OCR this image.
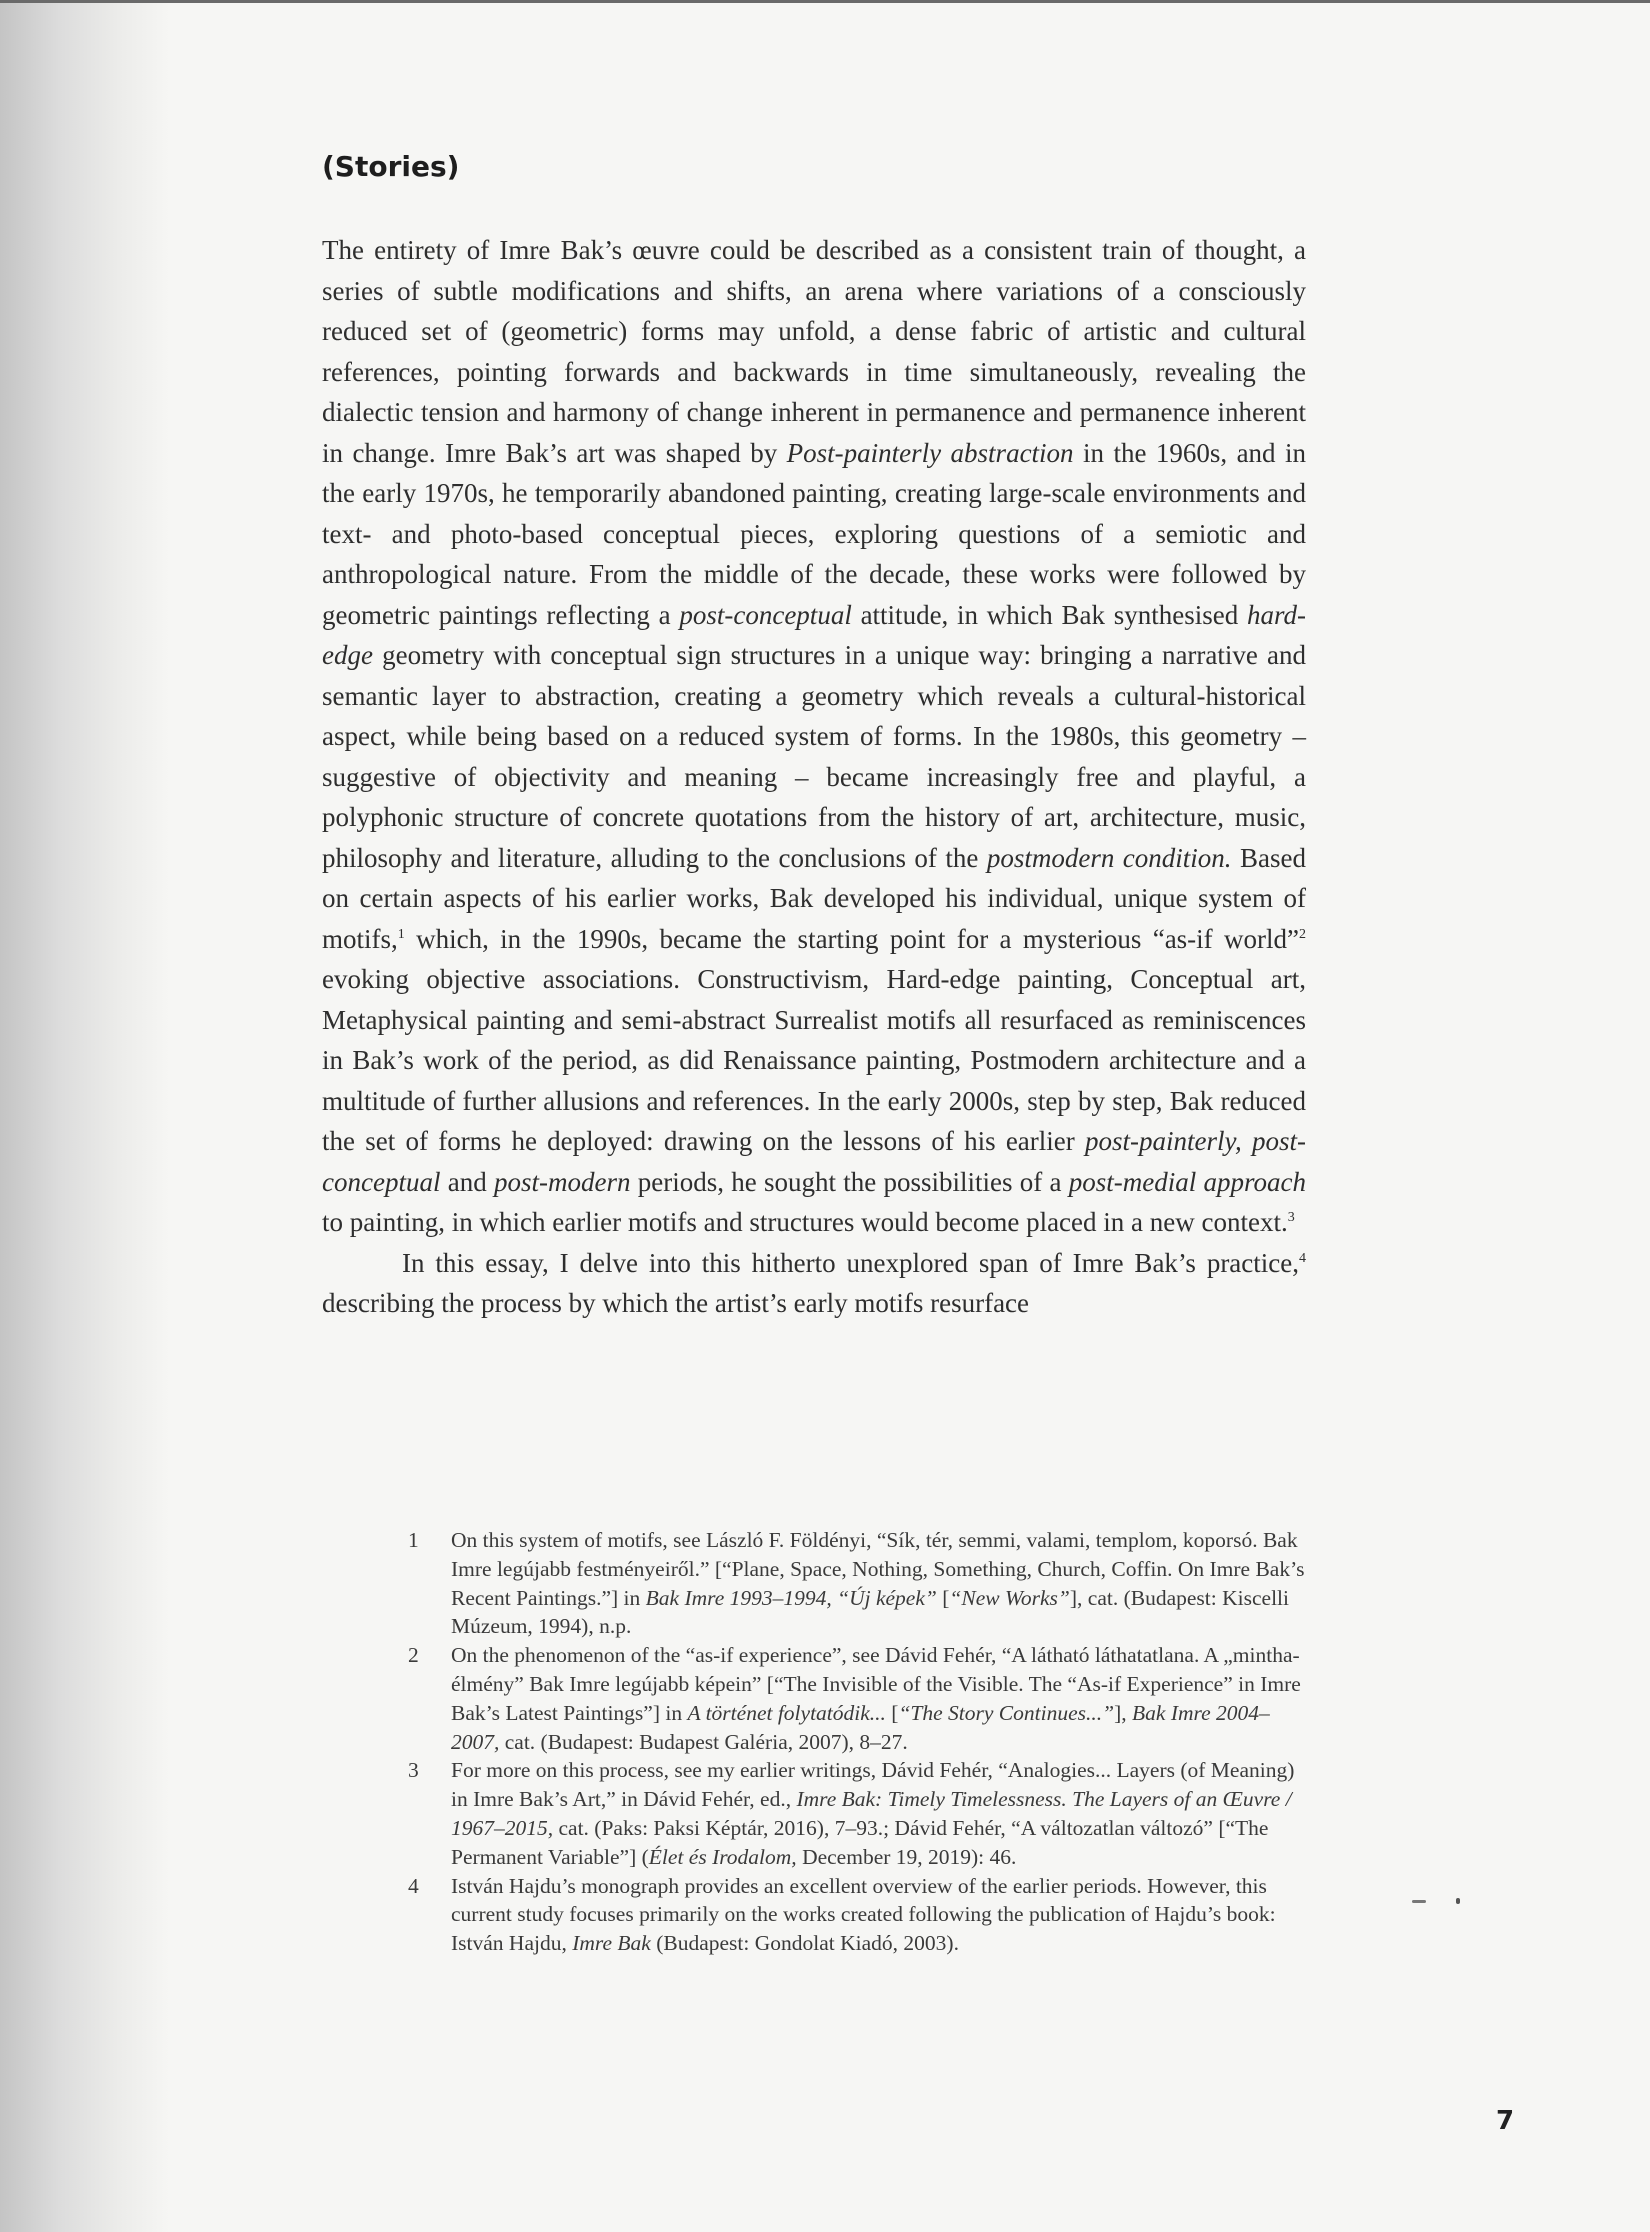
(Stories)

The entirety of Imre Bak’s œuvre could be described as a consistent train of thought, a series of subtle modifications and shifts, an arena where variations of a consciously reduced set of (geometric) forms may unfold, a dense fabric of artistic and cultural references, pointing forwards and backwards in time simultaneously, revealing the dialectic tension and harmony of change inherent in permanence and permanence inherent in change. Imre Bak’s art was shaped by Post-painterly abstraction in the 1960s, and in the early 1970s, he temporarily abandoned painting, creating large-scale environments and text- and photo-based conceptual pieces, exploring questions of a semiotic and anthropological nature. From the middle of the decade, these works were followed by geometric paintings reflecting a post-conceptual attitude, in which Bak synthesised hard-edge geometry with conceptual sign structures in a unique way: bringing a narrative and semantic layer to abstraction, creating a geometry which reveals a cultural-historical aspect, while being based on a reduced system of forms. In the 1980s, this geometry – suggestive of objectivity and meaning – became increasingly free and playful, a polyphonic structure of concrete quotations from the history of art, architecture, music, philosophy and literature, alluding to the conclusions of the postmodern condition. Based on certain aspects of his earlier works, Bak developed his individual, unique system of motifs,$^1$ which, in the 1990s, became the starting point for a mysterious “as-if world”$^2$ evoking objective associations. Constructivism, Hard-edge painting, Conceptual art, Metaphysical painting and semi-abstract Surrealist motifs all resurfaced as reminiscences in Bak’s work of the period, as did Renaissance painting, Postmodern architecture and a multitude of further allusions and references. In the early 2000s, step by step, Bak reduced the set of forms he deployed: drawing on the lessons of his earlier post-painterly, post-conceptual and post-modern periods, he sought the possibilities of a post-medial approach to painting, in which earlier motifs and structures would become placed in a new context.$^3$

In this essay, I delve into this hitherto unexplored span of Imre Bak’s practice,$^4$ describing the process by which the artist’s early motifs resurface

1	On this system of motifs, see László F. Földényi, “Sík, tér, semmi, valami, templom, koporsó. Bak Imre legújabb festményeiről.” [“Plane, Space, Nothing, Something, Church, Coffin. On Imre Bak’s Recent Paintings.”] in Bak Imre 1993–1994, “Új képek” [“New Works”], cat. (Budapest: Kiscelli Múzeum, 1994), n.p.
2	On the phenomenon of the “as-if experience”, see Dávid Fehér, “A látható láthatatlana. A „mintha-élmény” Bak Imre legújabb képein” [“The Invisible of the Visible. The “As-if Experience” in Imre Bak’s Latest Paintings”] in A történet folytatódik... [“The Story Continues...”], Bak Imre 2004–2007, cat. (Budapest: Budapest Galéria, 2007), 8–27.
3	For more on this process, see my earlier writings, Dávid Fehér, “Analogies... Layers (of Meaning) in Imre Bak’s Art,” in Dávid Fehér, ed., Imre Bak: Timely Timelessness. The Layers of an Œuvre / 1967–2015, cat. (Paks: Paksi Képtár, 2016), 7–93.; Dávid Fehér, “A változatlan változó” [“The Permanent Variable”] (Élet és Irodalom, December 19, 2019): 46.
4	István Hajdu’s monograph provides an excellent overview of the earlier periods. However, this current study focuses primarily on the works created following the publication of Hajdu’s book: István Hajdu, Imre Bak (Budapest: Gondolat Kiadó, 2003).
7
